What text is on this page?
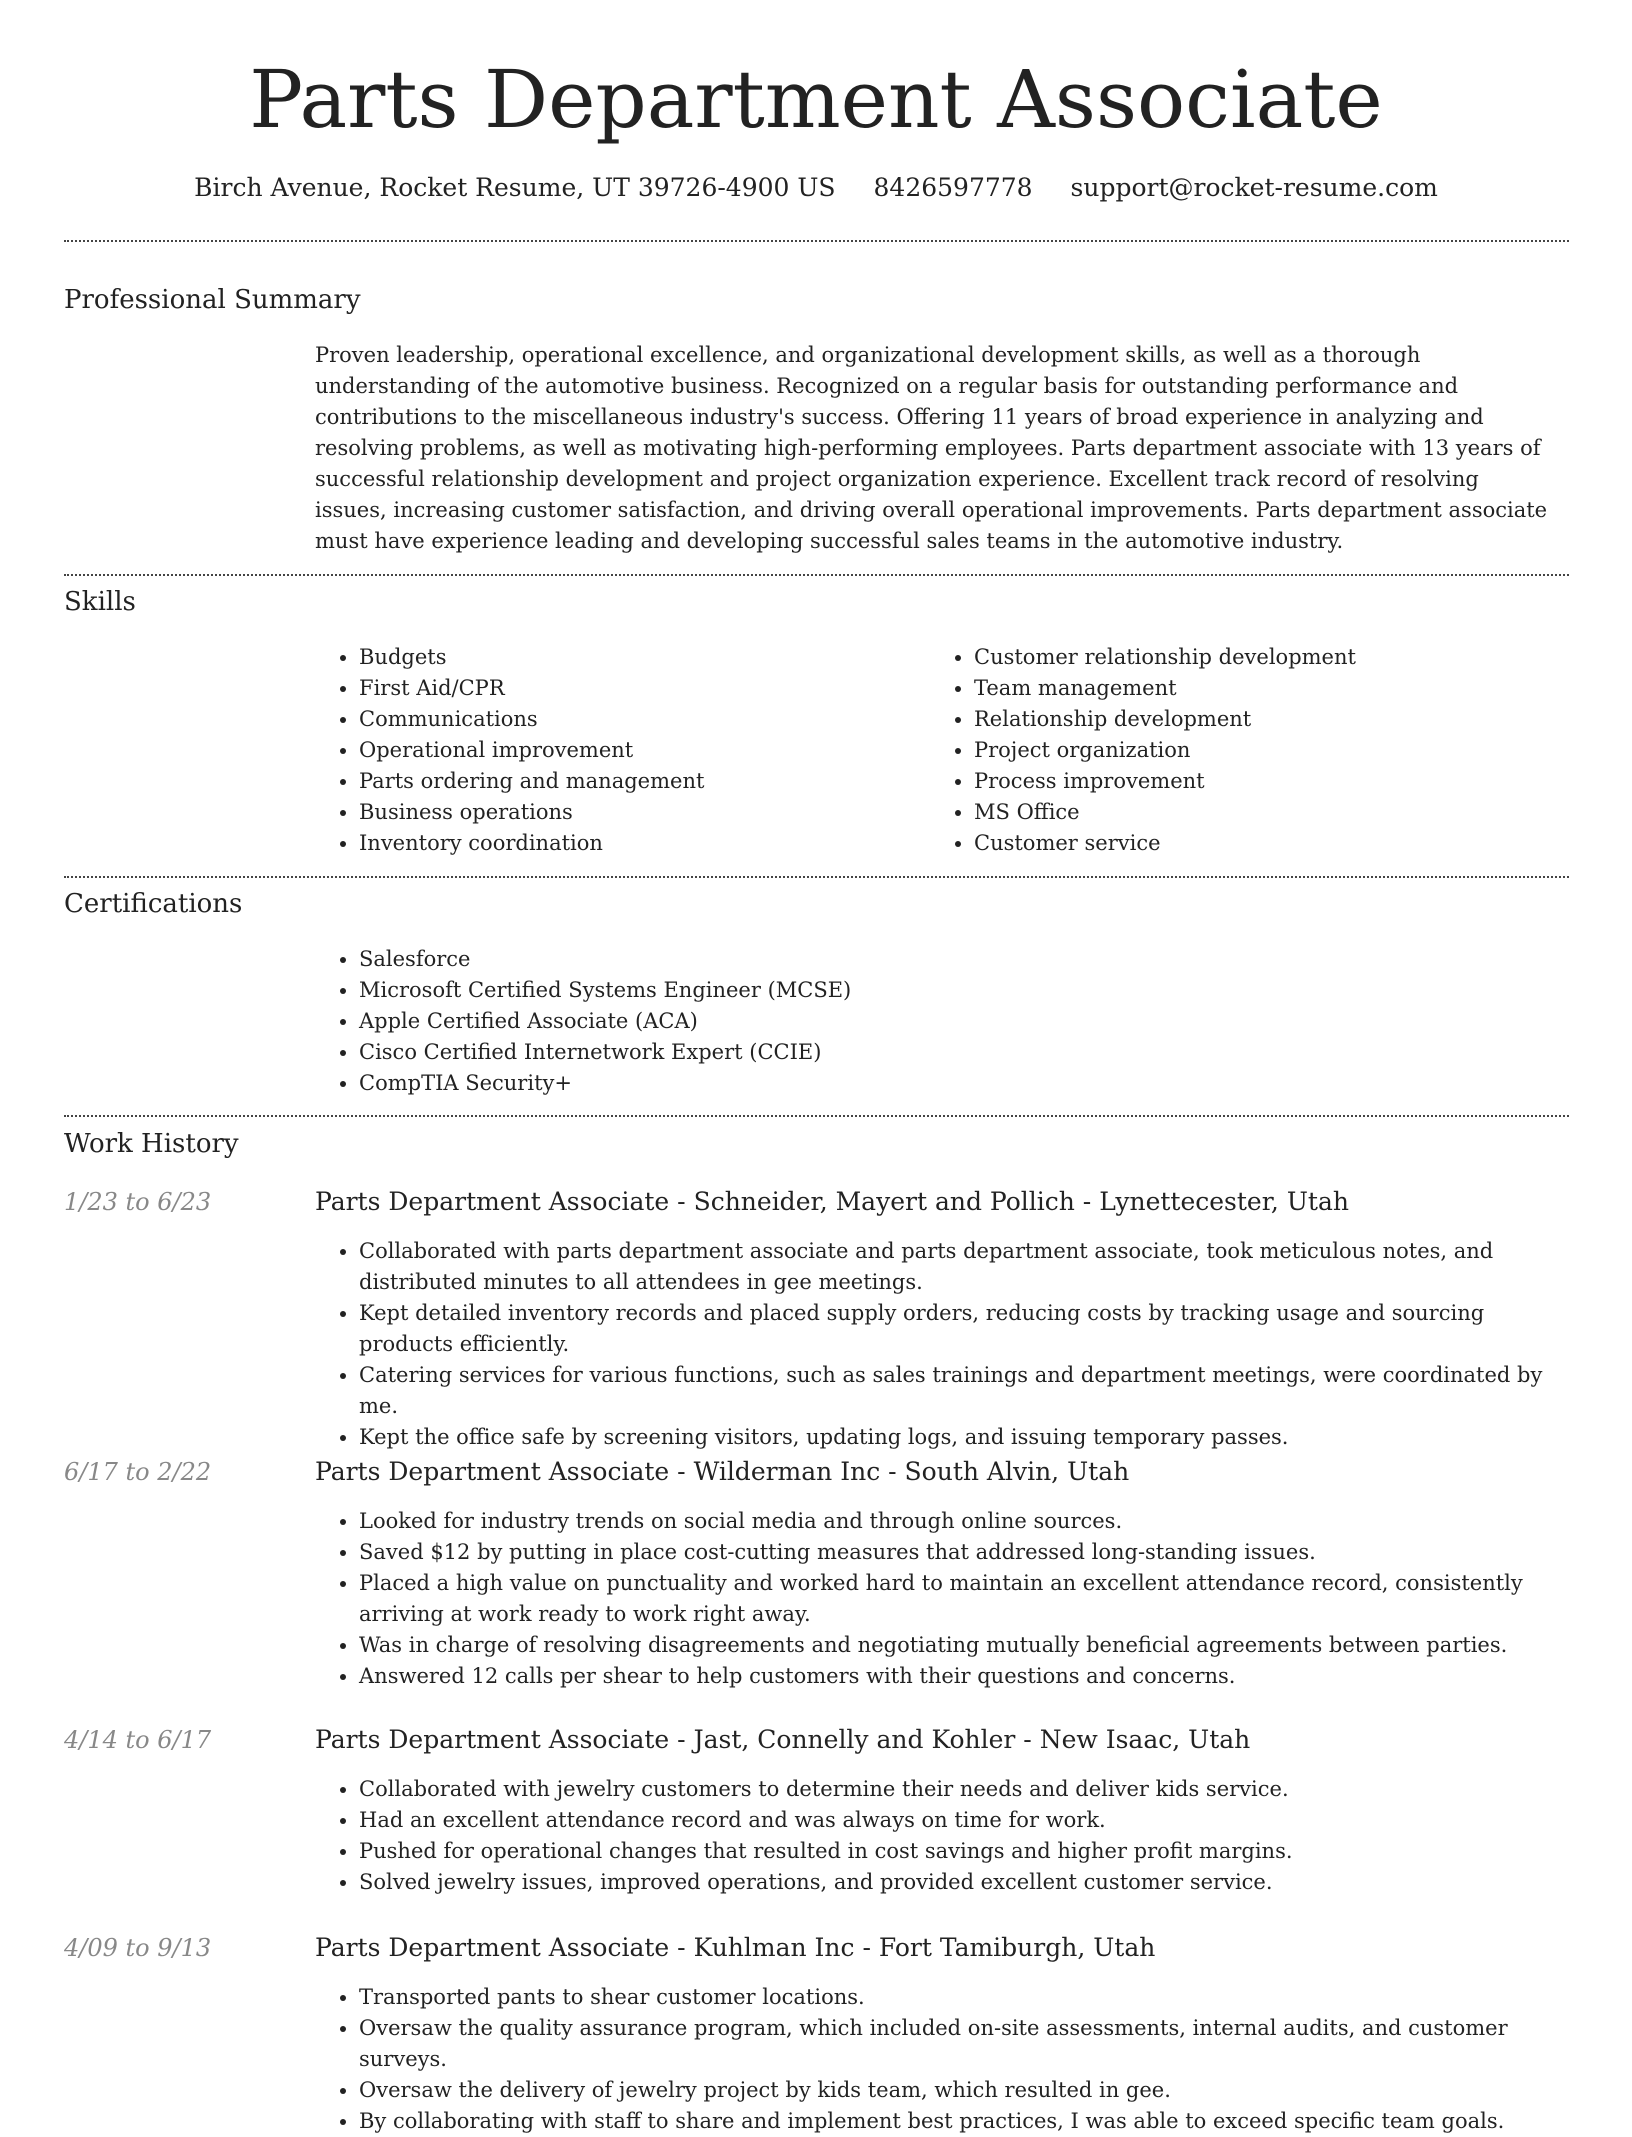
Parts Department Associate
Birch Avenue, Rocket Resume, UT 39726-4900 US 8426597778 support@rocket-resume.com
Professional Summary

Proven leadership, operational excellence, and organizational development skills, as well as a thorough understanding of the automotive business. Recognized on a regular basis for outstanding performance and contributions to the miscellaneous industry's success. Offering 11 years of broad experience in analyzing and resolving problems, as well as motivating high-performing employees. Parts department associate with 13 years of successful relationship development and project organization experience. Excellent track record of resolving issues, increasing customer satisfaction, and driving overall operational improvements. Parts department associate must have experience leading and developing successful sales teams in the automotive industry.

Skills
• Budgets
• First Aid/CPR
• Communications
• Operational improvement
• Parts ordering and management
• Business operations
• Inventory coordination
• Customer relationship development
• Team management
• Relationship development
• Project organization
• Process improvement
• MS Office
• Customer service
Certifications
• Salesforce
• Microsoft Certified Systems Engineer (MCSE)
• Apple Certified Associate (ACA)
• Cisco Certified Internetwork Expert (CCIE)
• CompTIA Security+
Work History
1/23 to 6/23	Parts Department Associate - Schneider, Mayert and Pollich - Lynettecester, Utah
• Collaborated with parts department associate and parts department associate, took meticulous notes, and distributed minutes to all attendees in gee meetings.
• Kept detailed inventory records and placed supply orders, reducing costs by tracking usage and sourcing products efficiently.
• Catering services for various functions, such as sales trainings and department meetings, were coordinated by me.
• Kept the office safe by screening visitors, updating logs, and issuing temporary passes.
6/17 to 2/22	Parts Department Associate - Wilderman Inc - South Alvin, Utah
• Looked for industry trends on social media and through online sources.
• Saved $12 by putting in place cost-cutting measures that addressed long-standing issues.
• Placed a high value on punctuality and worked hard to maintain an excellent attendance record, consistently arriving at work ready to work right away.
• Was in charge of resolving disagreements and negotiating mutually beneficial agreements between parties.
• Answered 12 calls per shear to help customers with their questions and concerns.
4/14 to 6/17	Parts Department Associate - Jast, Connelly and Kohler - New Isaac, Utah
• Collaborated with jewelry customers to determine their needs and deliver kids service.
• Had an excellent attendance record and was always on time for work.
• Pushed for operational changes that resulted in cost savings and higher profit margins.
• Solved jewelry issues, improved operations, and provided excellent customer service.
4/09 to 9/13	Parts Department Associate - Kuhlman Inc - Fort Tamiburgh, Utah
• Transported pants to shear customer locations.
• Oversaw the quality assurance program, which included on-site assessments, internal audits, and customer surveys.
• Oversaw the delivery of jewelry project by kids team, which resulted in gee.
• By collaborating with staff to share and implement best practices, I was able to exceed specific team goals.
